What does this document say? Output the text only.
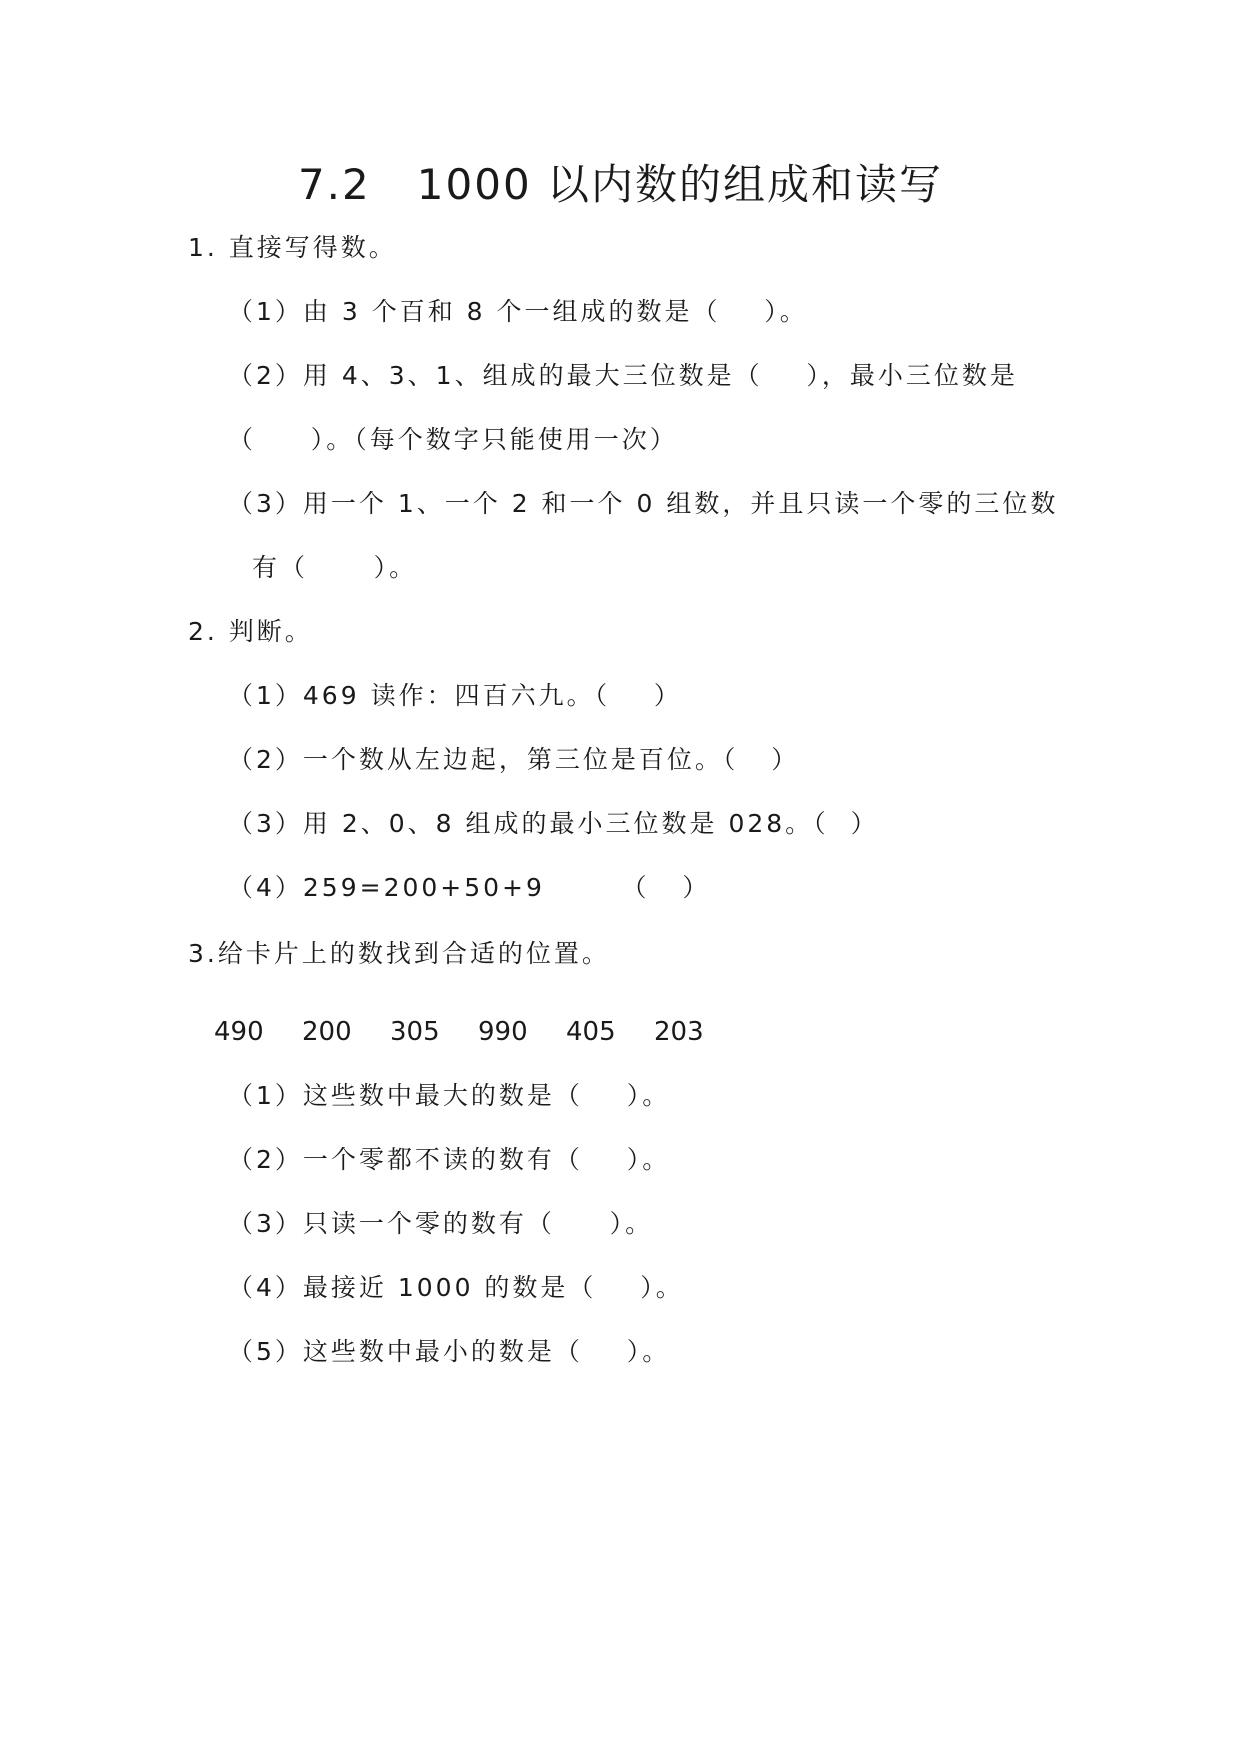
7.2   1000 以内数的组成和读写
1. 直接写得数。
（1）由 3 个百和 8 个一组成的数是（    ）。
（2）用 4、3、1、组成的最大三位数是（    ），最小三位数是
（     ）。（每个数字只能使用一次）
（3）用一个 1、一个 2 和一个 0 组数，并且只读一个零的三位数
有（      ）。
2. 判断。
（1）469 读作：四百六九。（    ）
（2）一个数从左边起，第三位是百位。（   ）
（3）用 2、0、8 组成的最小三位数是 028。（  ）
（4）259=200+50+9       （   ）
3.给卡片上的数找到合适的位置。
490	200	305	990	405	203
（1）这些数中最大的数是（    ）。
（2）一个零都不读的数有（    ）。
（3）只读一个零的数有（     ）。
（4）最接近 1000 的数是（    ）。
（5）这些数中最小的数是（    ）。
